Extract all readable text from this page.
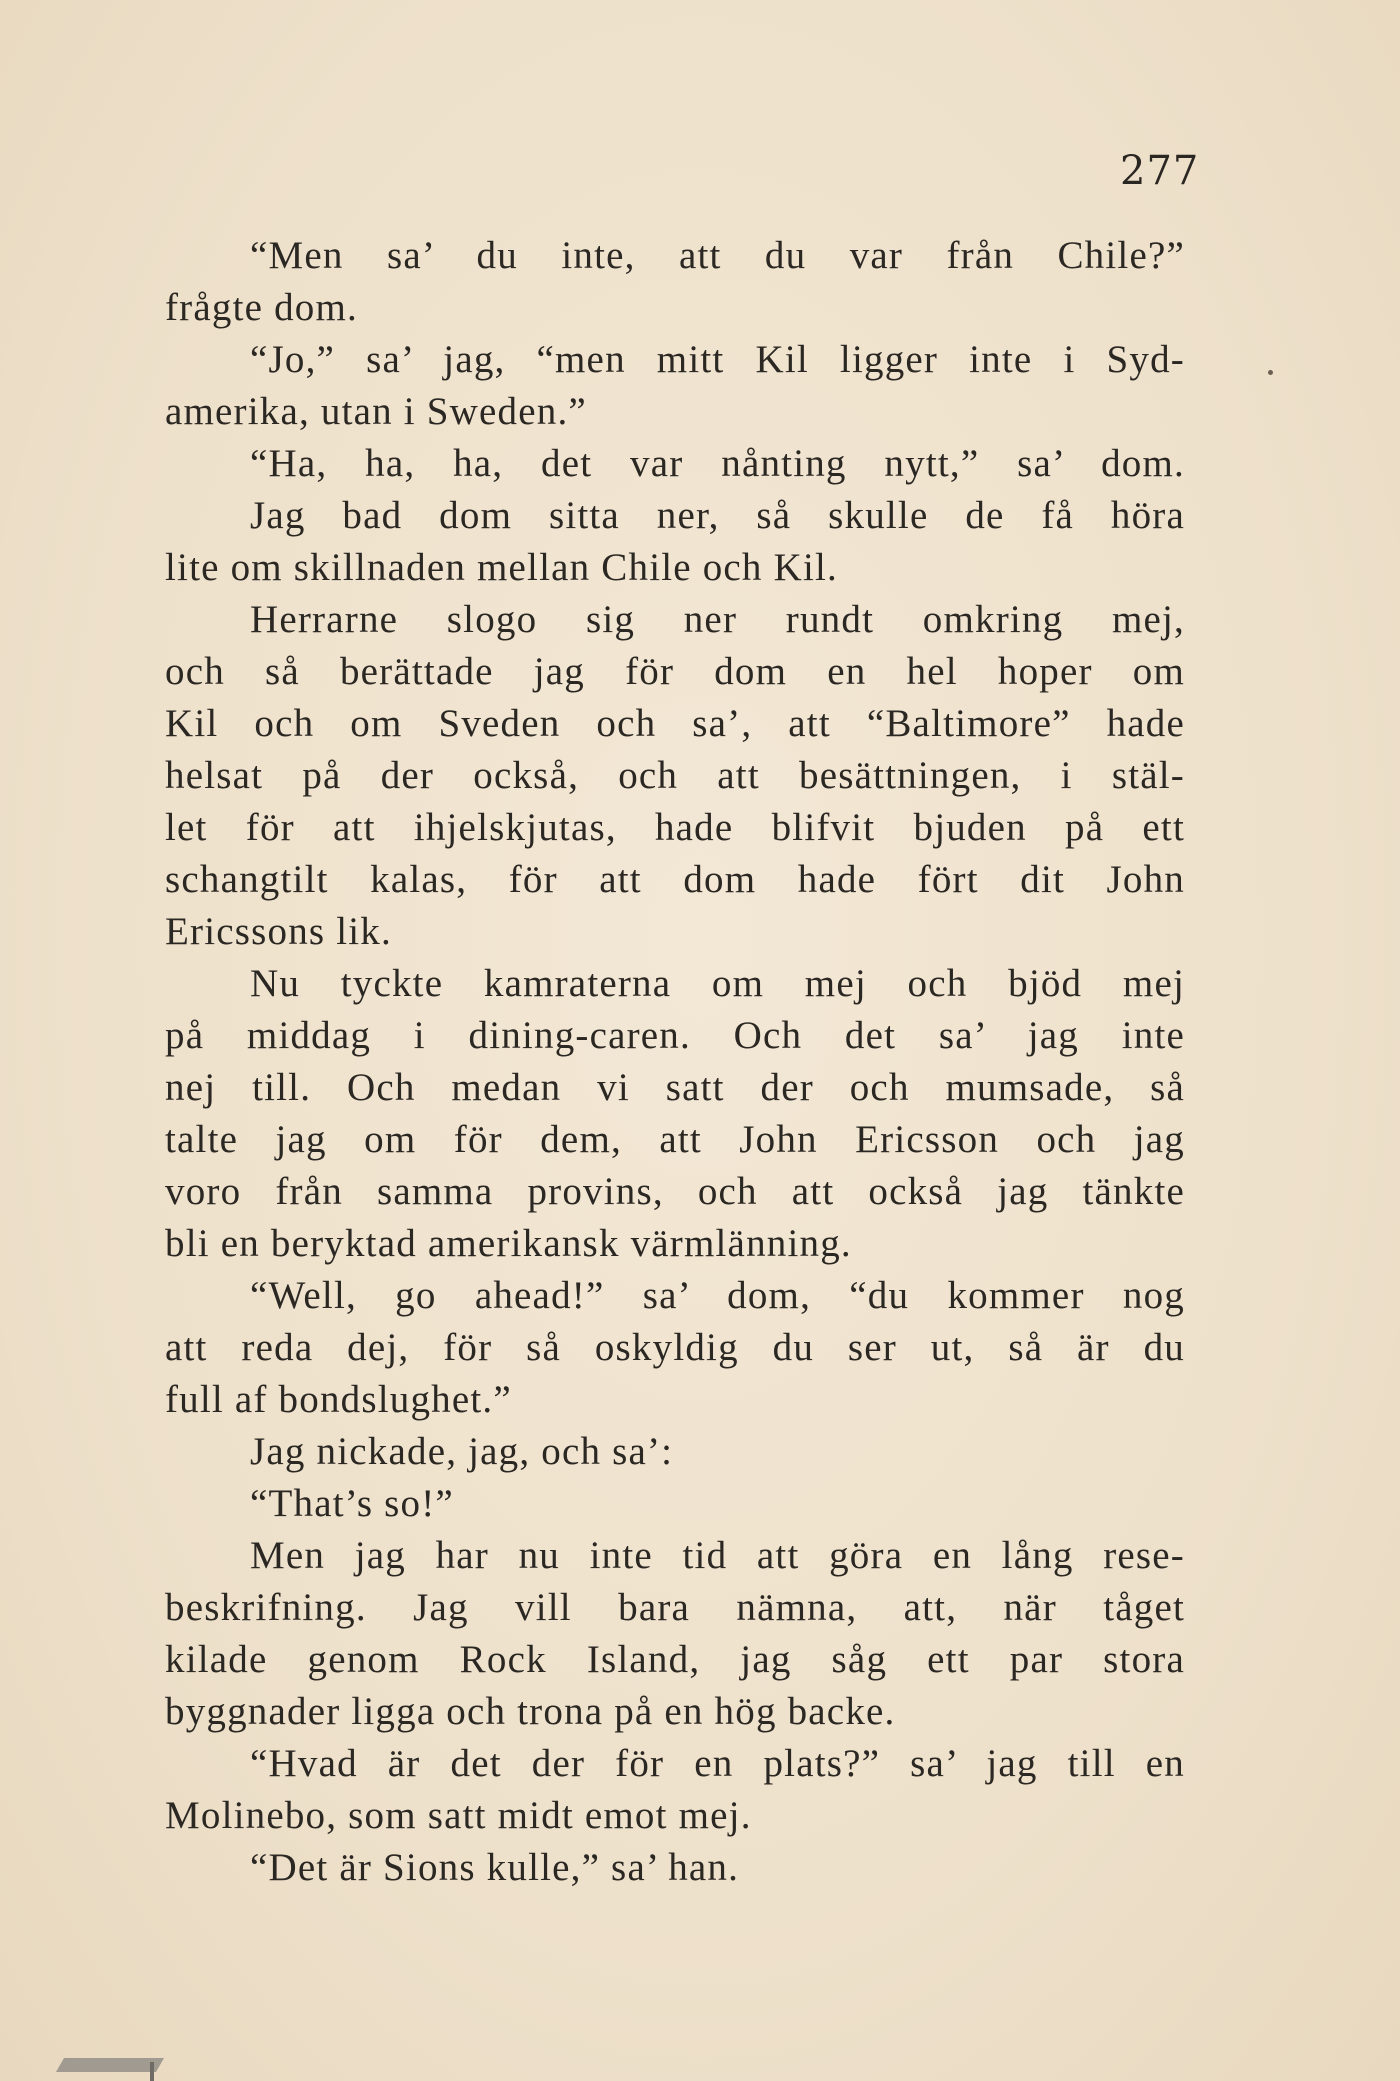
277
“Men sa’ du inte, att du var från Chile?”
frågte dom.
“Jo,” sa’ jag, “men mitt Kil ligger inte i Syd-
amerika, utan i Sweden.”
“Ha, ha, ha, det var nånting nytt,” sa’ dom.
Jag bad dom sitta ner, så skulle de få höra
lite om skillnaden mellan Chile och Kil.
Herrarne slogo sig ner rundt omkring mej,
och så berättade jag för dom en hel hoper om
Kil och om Sveden och sa’, att “Baltimore” hade
helsat på der också, och att besättningen, i stäl-
let för att ihjelskjutas, hade blifvit bjuden på ett
schangtilt kalas, för att dom hade fört dit John
Ericssons lik.
Nu tyckte kamraterna om mej och bjöd mej
på middag i dining-caren. Och det sa’ jag inte
nej till. Och medan vi satt der och mumsade, så
talte jag om för dem, att John Ericsson och jag
voro från samma provins, och att också jag tänkte
bli en beryktad amerikansk värmlänning.
“Well, go ahead!” sa’ dom, “du kommer nog
att reda dej, för så oskyldig du ser ut, så är du
full af bondslughet.”
Jag nickade, jag, och sa’:
“That’s so!”
Men jag har nu inte tid att göra en lång rese-
beskrifning. Jag vill bara nämna, att, när tåget
kilade genom Rock Island, jag såg ett par stora
byggnader ligga och trona på en hög backe.
“Hvad är det der för en plats?” sa’ jag till en
Molinebo, som satt midt emot mej.
“Det är Sions kulle,” sa’ han.
